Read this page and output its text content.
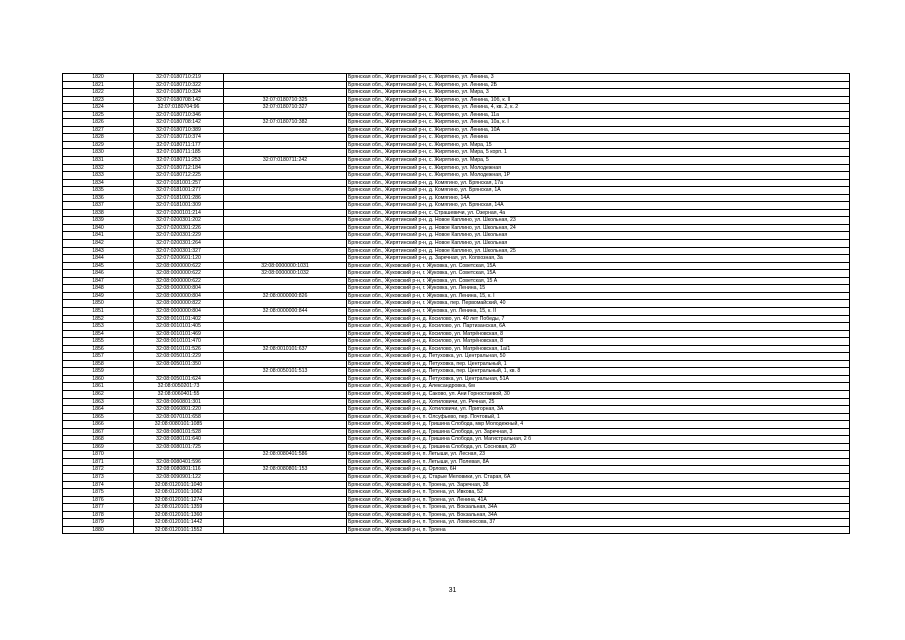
1820	32:07:0180710:219		Брянская обл., Жирятинский р-н, с. Жирятино, ул. Ленина, 3
1821	32:07:0180710:322		Брянская обл., Жирятинский р-н, с. Жирятино, ул. Ленина, 2Б
1822	32:07:0180710:324		Брянская обл., Жирятинский р-н, с. Жирятино, ул. Мира, 3
1823	32:07:0180708:142	32:07:0180710:325	Брянская обл., Жирятинский р-н, с. Жирятино, ул. Ленина, 10б, к. II
1824	32:07:0180704:96	32:07:0180710:327	Брянская обл., Жирятинский р-н, с. Жирятино, ул. Ленина, 4, кв. 2, к. 2
1825	32:07:0180710:346		Брянская обл., Жирятинский р-н, с. Жирятино, ул. Ленина, 11а
1826	32:07:0180708:142	32:07:0180710:382	Брянская обл., Жирятинский р-н, с. Жирятино, ул. Ленина, 10а, к. I
1827	32:07:0180710:389		Брянская обл., Жирятинский р-н, с. Жирятино, ул. Ленина, 10А
1828	32:07:0180710:374		Брянская обл., Жирятинский р-н, с. Жирятино, ул. Ленина
1829	32:07:0180711:177		Брянская обл., Жирятинский р-н, с. Жирятино, ул. Мира, 15
1830	32:07:0180711:185		Брянская обл., Жирятинский р-н, с. Жирятино, ул. Мира, 5 корп. 1
1831	32:07:0180711:253	32:07:0180711:242	Брянская обл., Жирятинский р-н, с. Жирятино, ул. Мира, 5
1832	32:07:0180712:184		Брянская обл., Жирятинский р-н, с. Жирятино, ул. Молодежная
1833	32:07:0180712:225		Брянская обл., Жирятинский р-н, с. Жирятино, ул. Молодежная, 1Р
1834	32:07:0181001:257		Брянская обл., Жирятинский р-н, д. Комягино, ул. Брянская, 17а
1835	32:07:0181001:277		Брянская обл., Жирятинский р-н, д. Комягино, ул. Брянская, 1А
1836	32:07:0181001:286		Брянская обл., Жирятинский р-н, д. Комягино, 14А
1837	32:07:0181001:309		Брянская обл., Жирятинский р-н, д. Комягино, ул. Брянская, 14А
1838	32:07:0200101:214		Брянская обл., Жирятинский р-н, с. Страшевичи, ул. Озерная, 4а
1839	32:07:0200301:202		Брянская обл., Жирятинский р-н, д. Новое Каплино, ул. Школьная, 23
1840	32:07:0200301:226		Брянская обл., Жирятинский р-н, д. Новое Каплино, ул. Школьная, 24
1841	32:07:0200301:229		Брянская обл., Жирятинский р-н, д. Новое Каплино, ул. Школьная
1842	32:07:0200301:264		Брянская обл., Жирятинский р-н, д. Новое Каплино, ул. Школьная
1843	32:07:0200301:327		Брянская обл., Жирятинский р-н, д. Новое Каплино, ул. Школьная, 25
1844	32:07:0200601:120		Брянская обл., Жирятинский р-н, д. Заречная, ул. Колхозная, 3а
1845	32:08:0000000:622	32:08:0000000:1031	Брянская обл., Жуковский р-н, г. Жуковка, ул. Советская, 15А
1846	32:08:0000000:622	32:08:0000000:1032	Брянская обл., Жуковский р-н, г. Жуковка, ул. Советская, 15А
1847	32:08:0000000:622		Брянская обл., Жуковский р-н, г. Жуковка, ул. Советская, 15 А
1848	32:08:0000000:804		Брянская обл., Жуковский р-н, г. Жуковка, ул. Ленина, 15
1849	32:08:0000000:804	32:08:0000000:826	Брянская обл., Жуковский р-н, г. Жуковка, ул. Ленина, 15, к. I
1850	32:08:0000000:822		Брянская обл., Жуковский р-н, г. Жуковка, пер. Первомайский, 40
1851	32:08:0000000:804	32:08:0000000:844	Брянская обл., Жуковский р-н, г. Жуковка, ул. Ленина, 15, к. II
1852	32:08:0010101:402		Брянская обл., Жуковский р-н, д. Косилово, ул. 40 лет Победы, 7
1853	32:08:0010101:405		Брянская обл., Жуковский р-н, д. Косилово, ул. Партизанская, 6А
1854	32:08:0010101:469		Брянская обл., Жуковский р-н, д. Косилово, ул. Матрёновская, 8
1855	32:08:0010101:470		Брянская обл., Жуковский р-н, д. Косилово, ул. Матрёновская, 8
1856	32:08:0010101:526	32:08:0010101:637	Брянская обл., Жуковский р-н, д. Косилово, ул. Матрёновская, 1а/1
1857	32:08:0050101:229		Брянская обл., Жуковский р-н, д. Петуховка, ул. Центральная, 50
1858	32:08:0050101:350		Брянская обл., Жуковский р-н, д. Петуховка, пер. Центральный, 1
1859		32:08:0050101:513	Брянская обл., Жуковский р-н, д. Петуховка, пер. Центральный, 1, кв. 8
1860	32:08:0050101:624		Брянская обл., Жуковский р-н, д. Петуховка, ул. Центральная, 51А
1861	32:08:0050201:73		Брянская обл., Жуковский р-н, д. Александровка, 6м
1862	32:08:0060401:55		Брянская обл., Жуковский р-н, д. Саково, ул. Ани Горностаевой, 30
1863	32:08:0060801:301		Брянская обл., Жуковский р-н, д. Хотиловичи, ул. Речная, 25
1864	32:08:0060801:220		Брянская обл., Жуковский р-н, д. Хотиловичи, ул. Пригорная, 3А
1865	32:08:0070101:658		Брянская обл., Жуковский р-н, п. Олсуфьево, пер. Почтовый, 1
1866	32:08:0080101:1085		Брянская обл., Жуковский р-н, д. Гришина Слобода, мкр Молодежный, 4
1867	32:08:0080101:528		Брянская обл., Жуковский р-н, д. Гришина Слобода, ул. Заречная, 3
1868	32:08:0080101:640		Брянская обл., Жуковский р-н, д. Гришина Слобода, ул. Магистральная, 2 б
1869	32:08:0080101:725		Брянская обл., Жуковский р-н, д. Гришина Слобода, ул. Сосновая, 20
1870		32:08:0080401:586	Брянская обл., Жуковский р-н, п. Летыши, ул. Лесная, 23
1871	32:08:0080401:596		Брянская обл., Жуковский р-н, п. Летыши, ул. Полевая, 8А
1872	32:08:0080801:116	32:08:0080801:153	Брянская обл., Жуковский р-н, д. Орлово, 6Н
1873	32:08:0090901:122		Брянская обл., Жуковский р-н, д. Старые Меловики, ул. Старая, 6А
1874	32:08:0120101:1040		Брянская обл., Жуковский р-н, п. Троена, ул. Заречная, 38
1875	32:08:0120101:1062		Брянская обл., Жуковский р-н, п. Троена, ул. Ивкова, 52
1876	32:08:0120101:1274		Брянская обл., Жуковский р-н, п. Троена, ул. Ленина, 41А
1877	32:08:0120101:1359		Брянская обл., Жуковский р-н, п. Троена, ул. Вокзальная, 34А
1878	32:08:0120101:1360		Брянская обл., Жуковский р-н, п. Троена, ул. Вокзальная, 34А
1879	32:08:0120101:1442		Брянская обл., Жуковский р-н, п. Троена, ул. Ломоносова, 37
1880	32:08:0120101:1552		Брянская обл., Жуковский р-н, п. Троена
31
